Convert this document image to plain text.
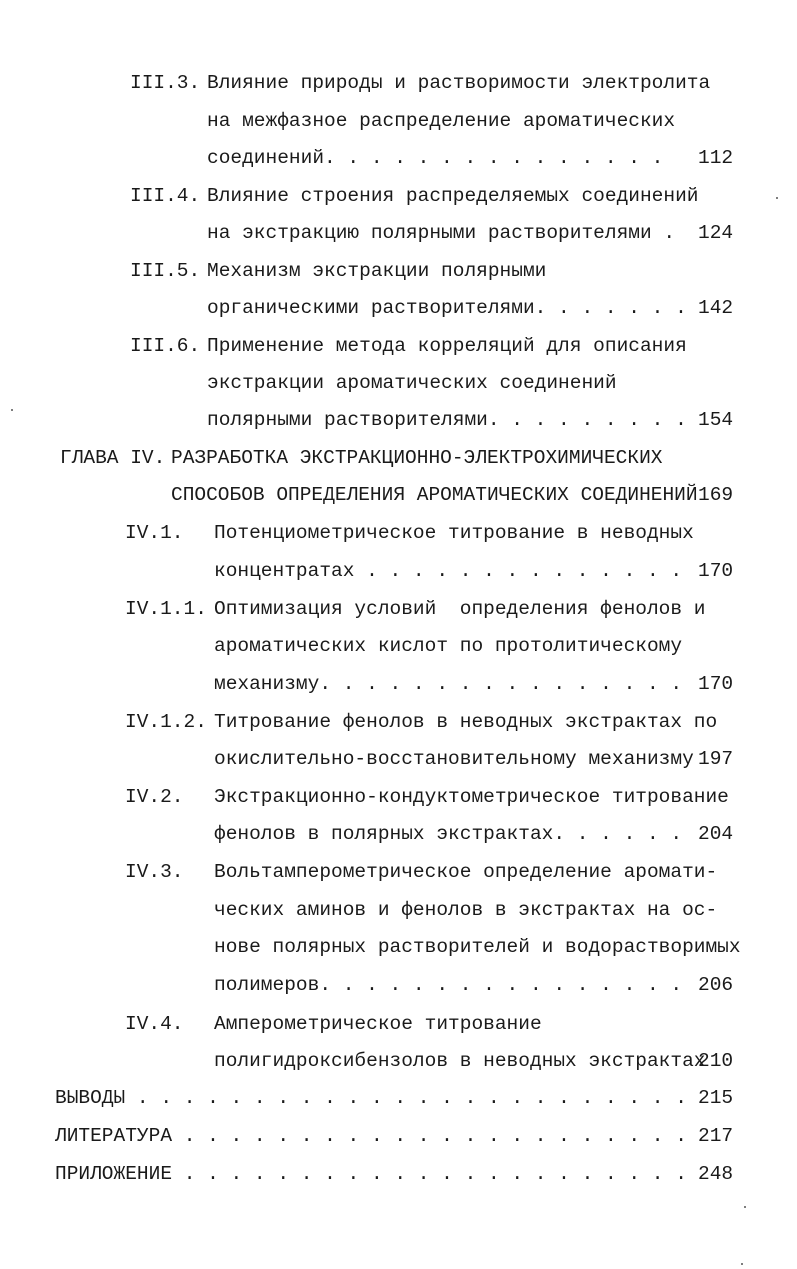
III.3. Влияние природы и растворимости электролита
на межфазное распределение ароматических
соединений. . . . . . . . . . . . . . . 112
III.4. Влияние строения распределяемых соединений
на экстракцию полярными растворителями . 124
III.5. Механизм экстракции полярными
органическими растворителями. . . . . . . 142
III.6. Применение метода корреляций для описания
экстракции ароматических соединений
полярными растворителями. . . . . . . . . 154
ГЛАВА IV. РАЗРАБОТКА ЭКСТРАКЦИОННО-ЭЛЕКТРОХИМИЧЕСКИХ
СПОСОБОВ ОПРЕДЕЛЕНИЯ АРОМАТИЧЕСКИХ СОЕДИНЕНИЙ 169
IV.1. Потенциометрическое титрование в неводных
концентратах . . . . . . . . . . . . . . 170
IV.1.1. Оптимизация условий  определения фенолов и
ароматических кислот по протолитическому
механизму. . . . . . . . . . . . . . . . 170
IV.1.2. Титрование фенолов в неводных экстрактах по
окислительно-восстановительному механизму 197
IV.2. Экстракционно-кондуктометрическое титрование
фенолов в полярных экстрактах. . . . . . 204
IV.3. Вольтамперометрическое определение аромати-
ческих аминов и фенолов в экстрактах на ос-
нове полярных растворителей и водорастворимых
полимеров. . . . . . . . . . . . . . . . 206
IV.4. Амперометрическое титрование
полигидроксибензолов в неводных экстрактах
210
ВЫВОДЫ . . . . . . . . . . . . . . . . . . . . . . . . 215
ЛИТЕРАТУРА . . . . . . . . . . . . . . . . . . . . . . 217
ПРИЛОЖЕНИЕ . . . . . . . . . . . . . . . . . . . . . . 248
